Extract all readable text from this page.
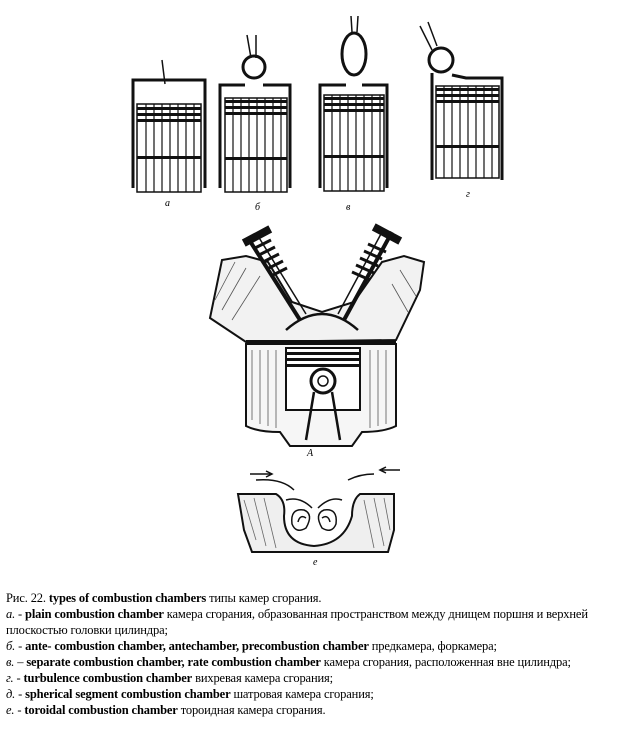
а	б	в
г
A
е

Рис. 22. types of combustion chambers типы камер сгорания.

а. - plain combustion chamber камера сгорания, образованная пространством между днищем поршня и верхней плоскостью головки цилиндра;

б. - ante- combustion chamber, antechamber, precombustion chamber предкамера, форкамера;

в. – separate combustion chamber, rate combustion chamber камера сгорания, расположенная вне цилиндра;

г. - turbulence combustion chamber вихревая камера сгорания;

д. - spherical segment combustion chamber шатровая камера сгорания;

е. - toroidal combustion chamber тороидная камера сгорания.
